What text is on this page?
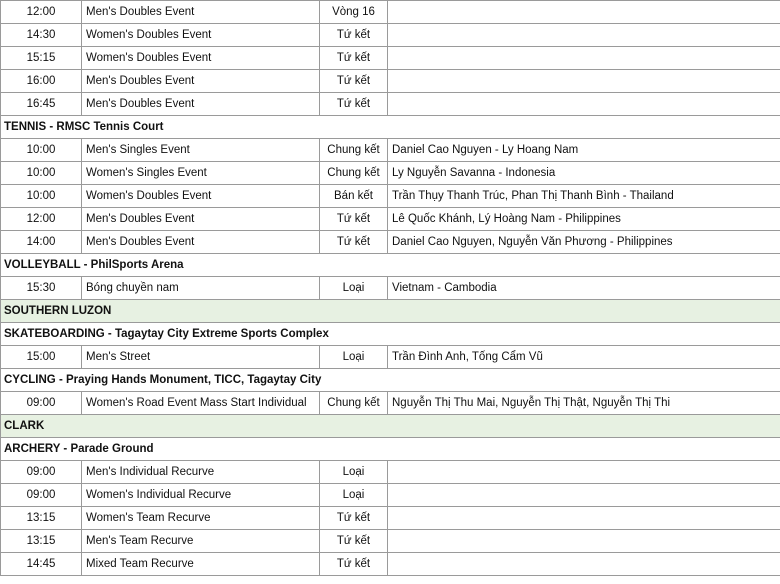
12:00	Men's Doubles Event	Vòng 16	
14:30	Women's Doubles Event	Tứ kết	
15:15	Women's Doubles Event	Tứ kết	
16:00	Men's Doubles Event	Tứ kết	
16:45	Men's Doubles Event	Tứ kết	
TENNIS - RMSC Tennis Court			
10:00	Men's Singles Event	Chung kết	Daniel Cao Nguyen - Ly Hoang Nam
10:00	Women's Singles Event	Chung kết	Ly Nguyễn Savanna - Indonesia
10:00	Women's Doubles Event	Bán kết	Trần Thụy Thanh Trúc, Phan Thị Thanh Bình - Thailand
12:00	Men's Doubles Event	Tứ kết	Lê Quốc Khánh, Lý Hoàng Nam - Philippines
14:00	Men's Doubles Event	Tứ kết	Daniel Cao Nguyen, Nguyễn Văn Phương - Philippines
VOLLEYBALL - PhilSports Arena			
15:30	Bóng chuyền nam	Loại	Vietnam - Cambodia
SOUTHERN LUZON			
SKATEBOARDING - Tagaytay City Extreme Sports Complex			
15:00	Men's Street	Loại	Trần Đình Anh, Tống Cẩm Vũ
CYCLING - Praying Hands Monument, TICC, Tagaytay City			
09:00	Women's Road Event Mass Start Individual	Chung kết	Nguyễn Thị Thu Mai, Nguyễn Thị Thật, Nguyễn Thị Thi
CLARK			
ARCHERY - Parade Ground			
09:00	Men's Individual Recurve	Loại	
09:00	Women's Individual Recurve	Loại	
13:15	Women's Team Recurve	Tứ kết	
13:15	Men's Team Recurve	Tứ kết	
14:45	Mixed Team Recurve	Tứ kết	
